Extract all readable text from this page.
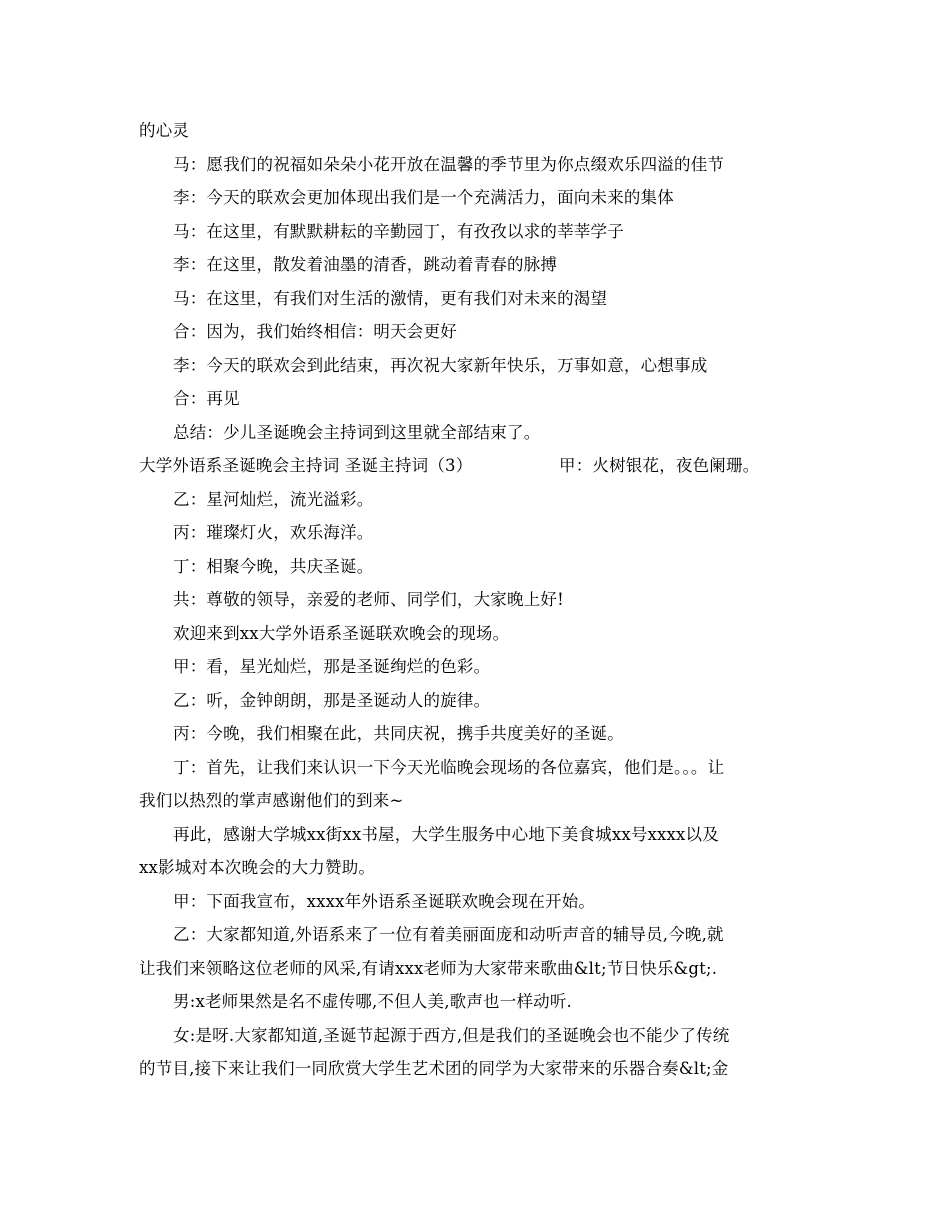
的心灵
马：愿我们的祝福如朵朵小花开放在温馨的季节里为你点缀欢乐四溢的佳节
李：今天的联欢会更加体现出我们是一个充满活力，面向未来的集体
马：在这里，有默默耕耘的辛勤园丁，有孜孜以求的莘莘学子
李：在这里，散发着油墨的清香，跳动着青春的脉搏
马：在这里，有我们对生活的激情，更有我们对未来的渴望
合：因为，我们始终相信：明天会更好
李：今天的联欢会到此结束，再次祝大家新年快乐，万事如意，心想事成
合：再见
总结：少儿圣诞晚会主持词到这里就全部结束了。
大学外语系圣诞晚会主持词 圣诞主持词（3）	甲：火树银花，夜色阑珊。
乙：星河灿烂，流光溢彩。
丙：璀璨灯火，欢乐海洋。
丁：相聚今晚，共庆圣诞。
共：尊敬的领导，亲爱的老师、同学们，大家晚上好!
欢迎来到xx大学外语系圣诞联欢晚会的现场。
甲：看，星光灿烂，那是圣诞绚烂的色彩。
乙：听，金钟朗朗，那是圣诞动人的旋律。
丙：今晚，我们相聚在此，共同庆祝，携手共度美好的圣诞。
丁：首先，让我们来认识一下今天光临晚会现场的各位嘉宾，他们是。。。让
我们以热烈的掌声感谢他们的到来~
再此，感谢大学城xx街xx书屋，大学生服务中心地下美食城xx号xxxx以及
xx影城对本次晚会的大力赞助。
甲：下面我宣布，xxxx年外语系圣诞联欢晚会现在开始。
乙：大家都知道,外语系来了一位有着美丽面庞和动听声音的辅导员,今晚,就
让我们来领略这位老师的风采,有请xxx老师为大家带来歌曲&lt;节日快乐&gt;.
男:x老师果然是名不虚传哪,不但人美,歌声也一样动听.
女:是呀.大家都知道,圣诞节起源于西方,但是我们的圣诞晚会也不能少了传统
的节目,接下来让我们一同欣赏大学生艺术团的同学为大家带来的乐器合奏&lt;金
